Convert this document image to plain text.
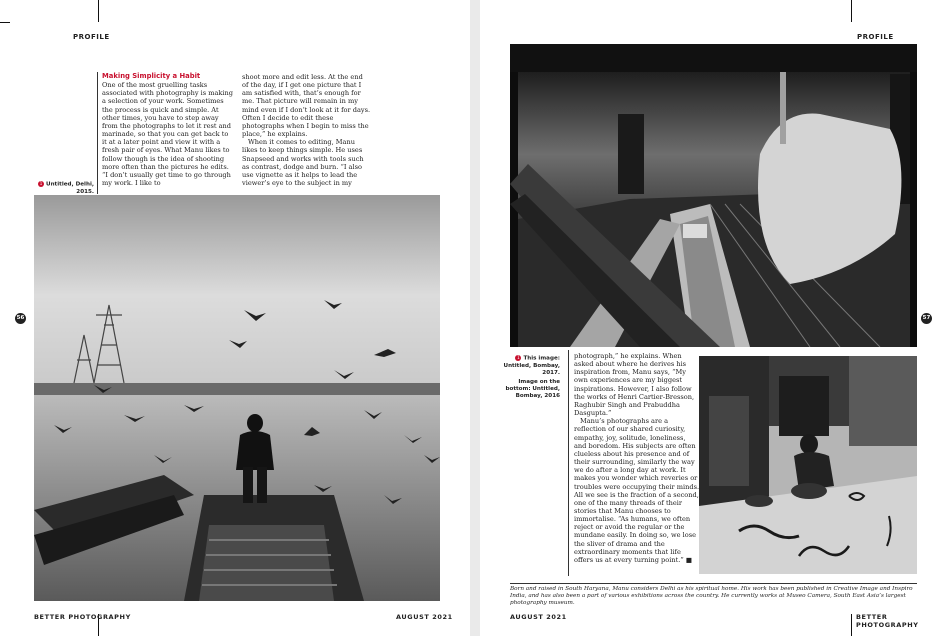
PROFILE
1 Untitled, Delhi, 2015.
Making Simplicity a Habit

One of the most gruelling tasks associated with photography is making a selection of your work. Sometimes the process is quick and simple. At other times, you have to step away from the photographs to let it rest and marinade, so that you can get back to it at a later point and view it with a fresh pair of eyes. What Manu likes to follow though is the idea of shooting more often than the pictures he edits. “I don’t usually get time to go through my work. I like to

shoot more and edit less. At the end of the day, if I get one picture that I am satisfied with, that’s enough for me. That picture will remain in my mind even if I don’t look at it for days. Often I decide to edit these photographs when I begin to miss the place,” he explains.

When it comes to editing, Manu likes to keep things simple. He uses Snapseed and works with tools such as contrast, dodge and burn. “I also use vignette as it helps to lead the viewer’s eye to the subject in my

56
BETTER PHOTOGRAPHY	AUGUST 2021
PROFILE
1 This image: Untitled, Bombay, 2017.
Image on the bottom: Untitled, Bombay, 2016

photograph,” he explains. When asked about where he derives his inspiration from, Manu says, “My own experiences are my biggest inspirations. However, I also follow the works of Henri Cartier-Bresson, Raghubir Singh and Prabuddha Dasgupta.”

Manu’s photographs are a reflection of our shared curiosity, empathy, joy, solitude, loneliness, and boredom. His subjects are often clueless about his presence and of their surrounding, similarly the way we do after a long day at work. It makes you wonder which reveries or troubles were occupying their minds. All we see is the fraction of a second, one of the many threads of their stories that Manu chooses to immortalise. “As humans, we often reject or avoid the regular or the mundane easily. In doing so, we lose the sliver of drama and the extraordinary moments that life offers us at every turning point.” ■

Born and raised in South Haryana, Manu considers Delhi as his spiritual home. His work has been published in Creative Image and Inspiro India, and has also been a part of various exhibitions across the country. He currently works at Museo Camera, South East Asia’s largest photography museum.
57
AUGUST 2021	BETTER PHOTOGRAPHY
